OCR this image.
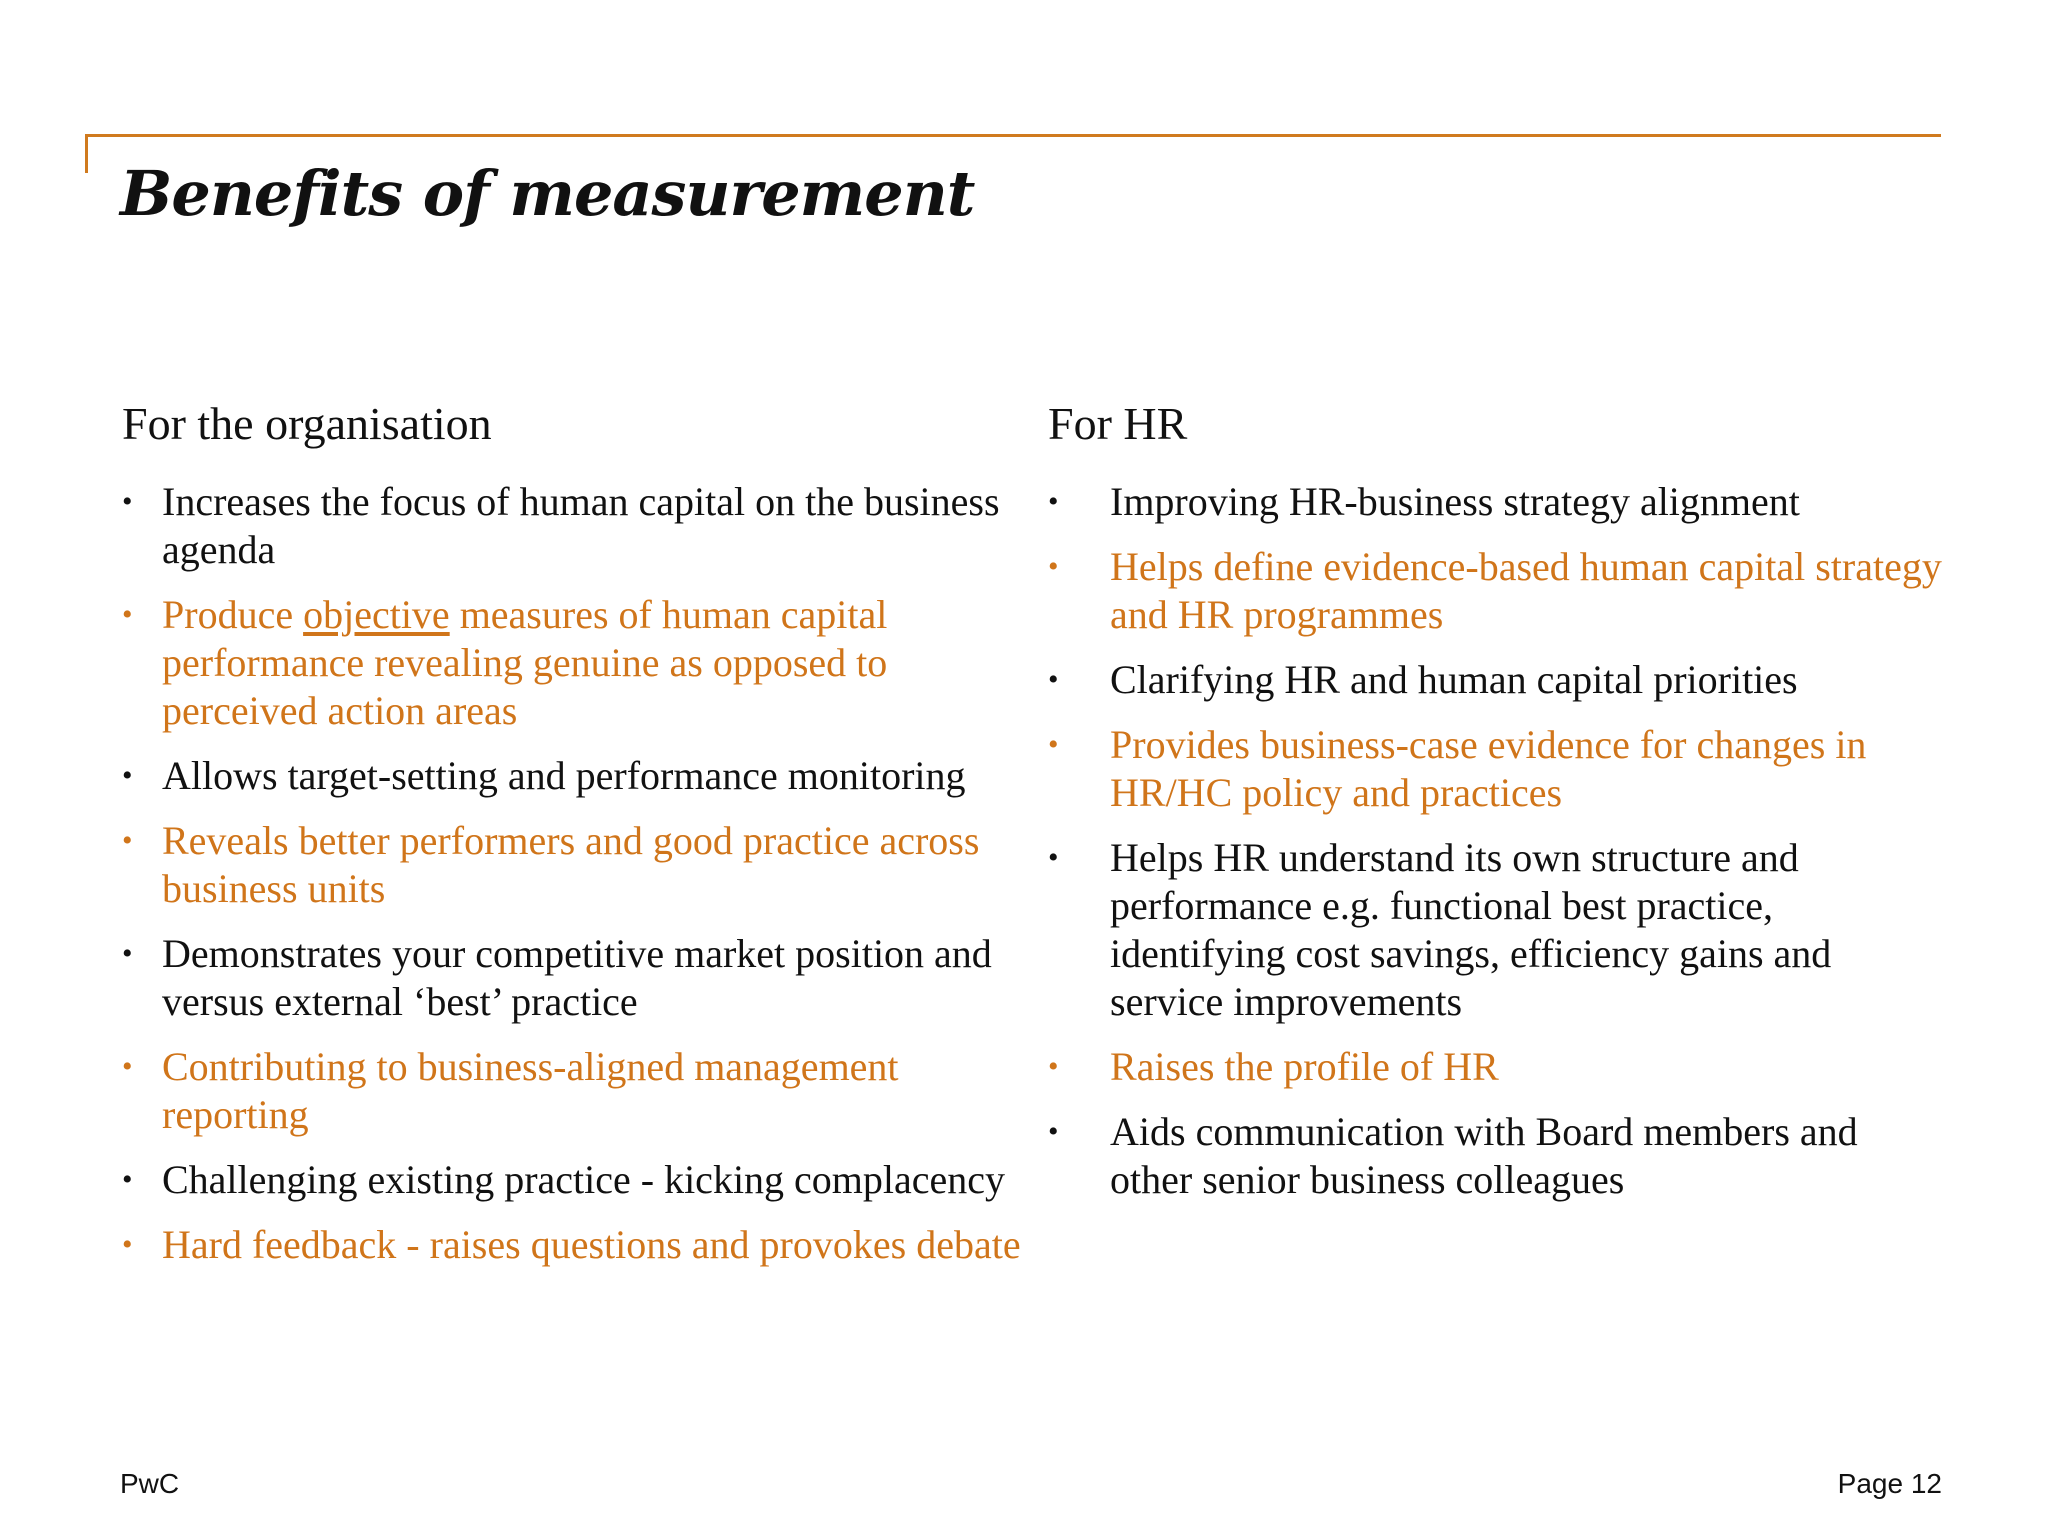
Benefits of measurement
For the organisation
• Increases the focus of human capital on the business agenda
• Produce objective measures of human capital performance revealing genuine as opposed to perceived action areas
• Allows target-setting and performance monitoring
• Reveals better performers and good practice across business units
• Demonstrates your competitive market position and versus external ‘best’ practice
• Contributing to business-aligned management reporting
• Challenging existing practice - kicking complacency
• Hard feedback - raises questions and provokes debate
For HR
•	Improving HR-business strategy alignment
•	Helps define evidence-based human capital strategy and HR programmes
•	Clarifying HR and human capital priorities
•	Provides business-case evidence for changes in HR/HC policy and practices
•	Helps HR understand its own structure and performance e.g. functional best practice, identifying cost savings, efficiency gains and service improvements
•	Raises the profile of HR
•	Aids communication with Board members and other senior business colleagues
PwC	Page 12
